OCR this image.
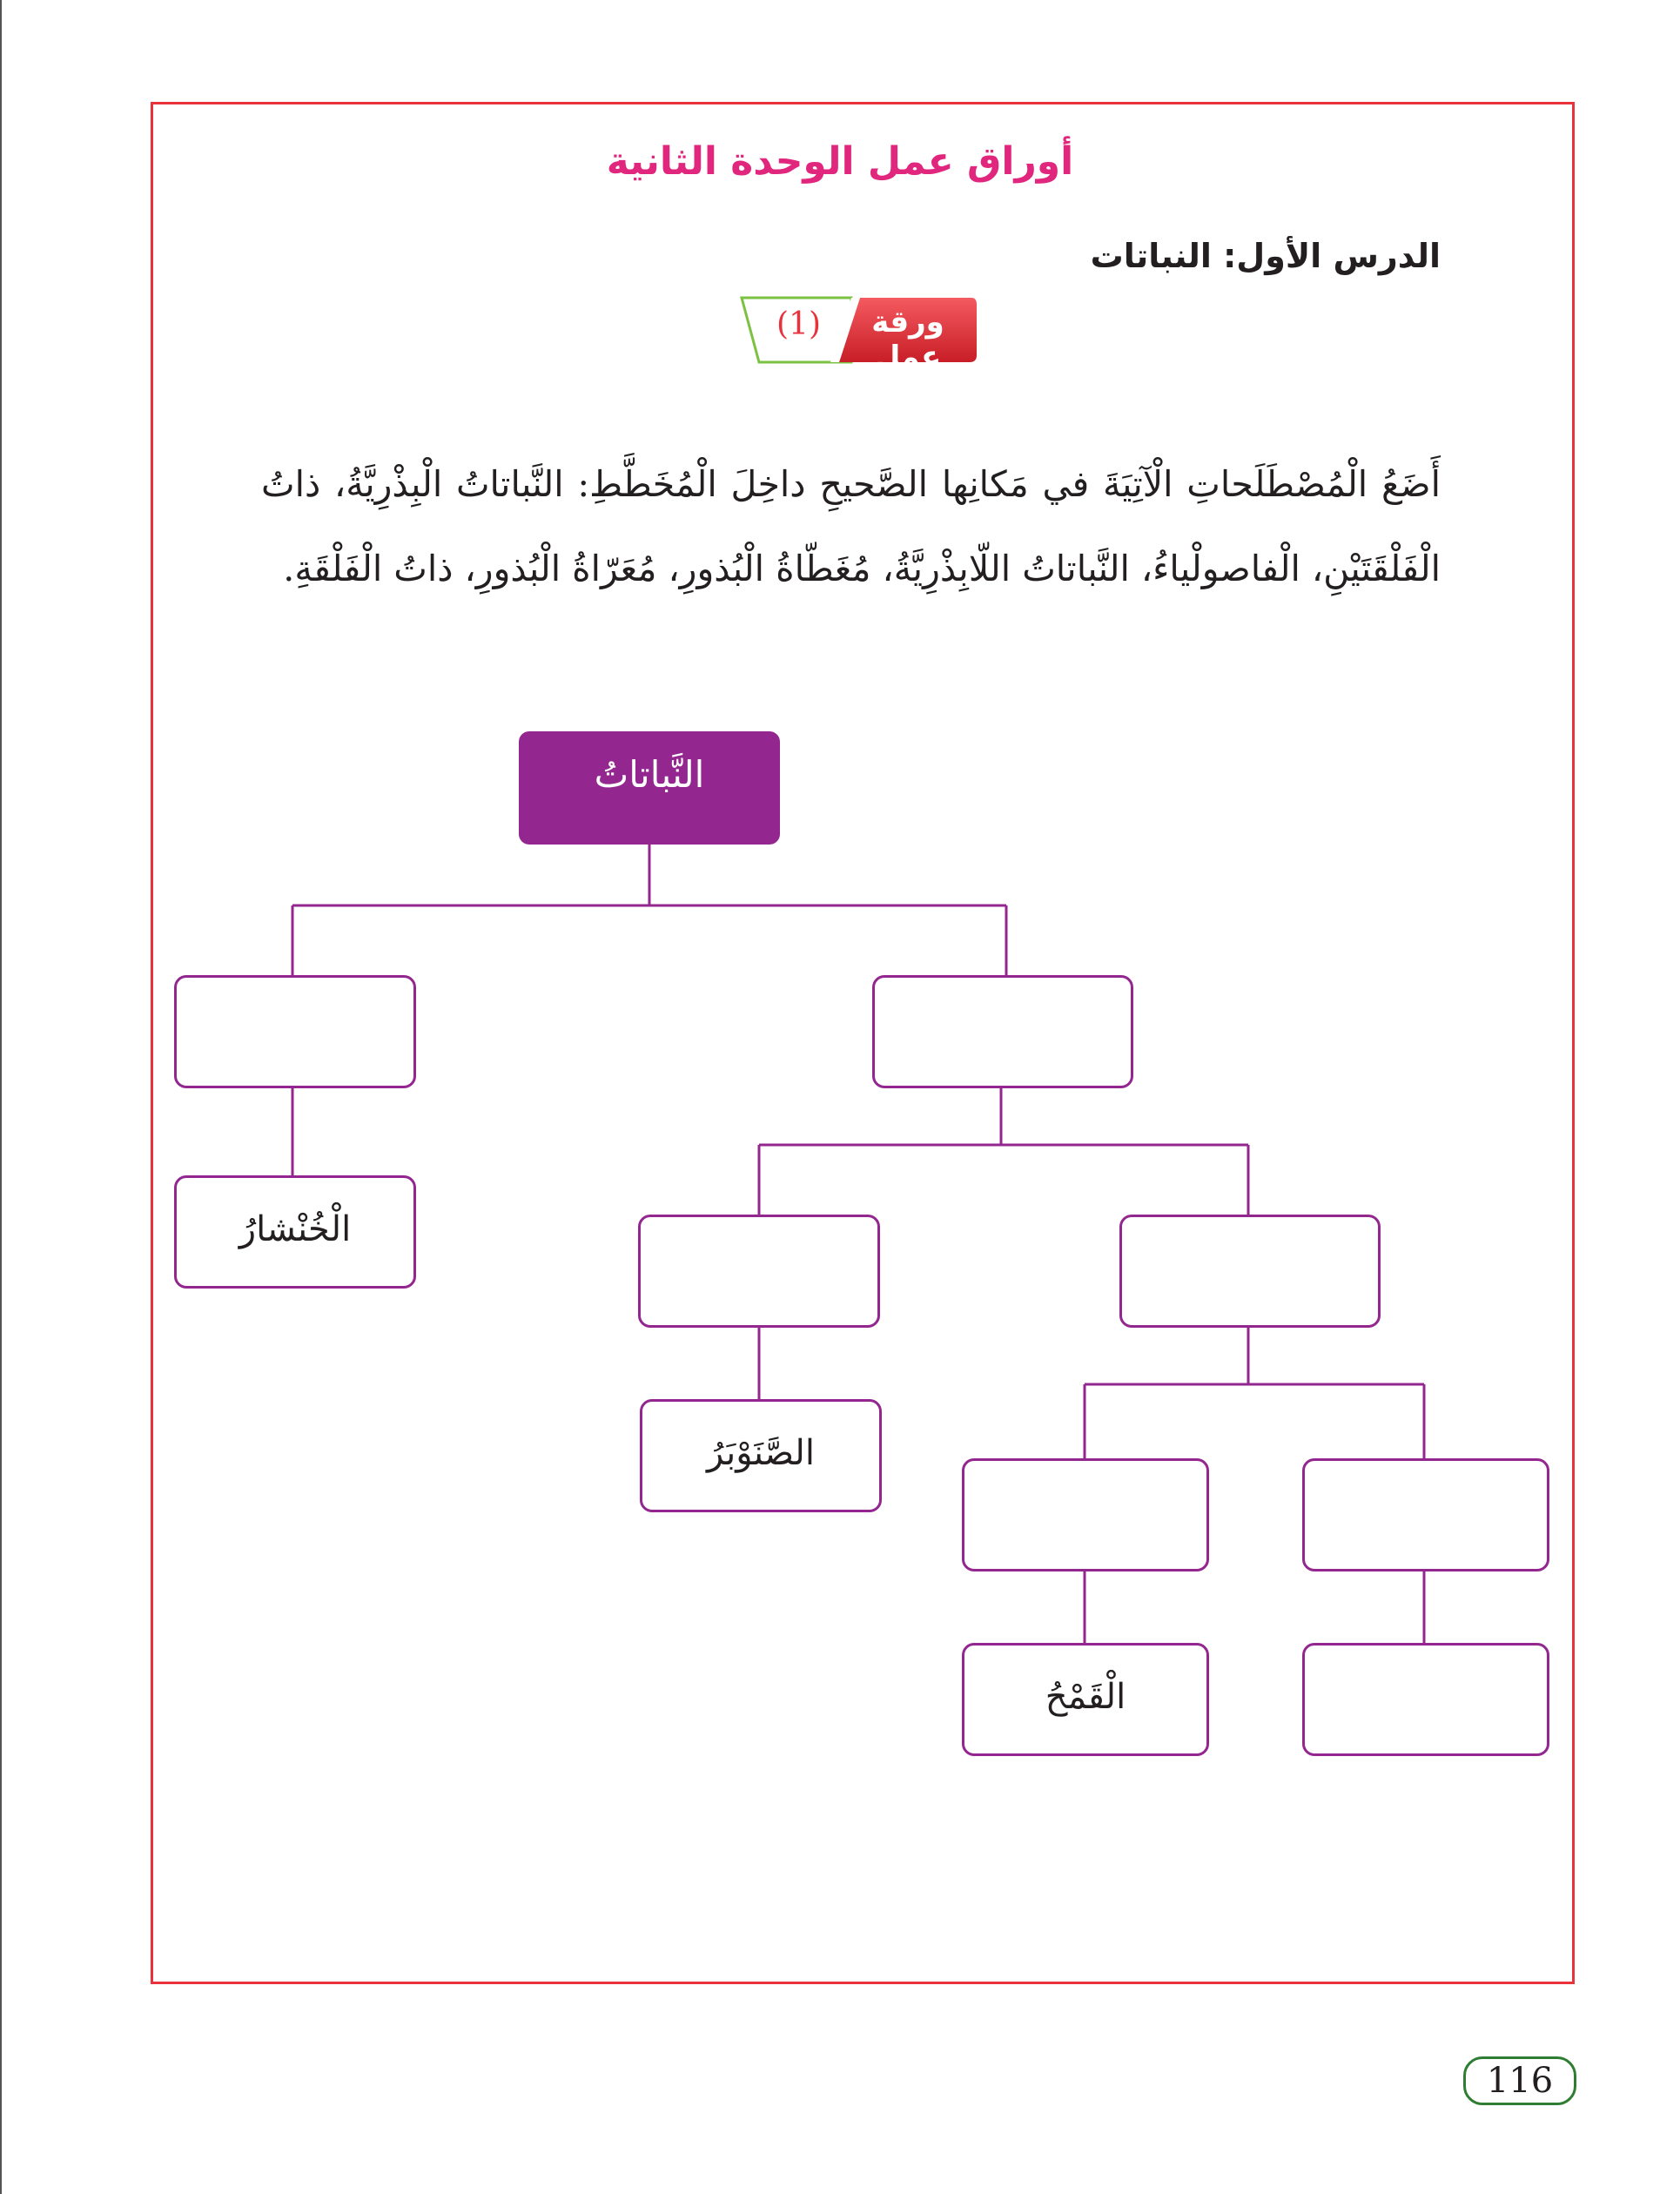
أوراق عمل الوحدة الثانية
الدرس الأول: النباتات
(1)	ورقة عمل
أَضَعُ الْمُصْطَلَحاتِ الْآتِيَةَ في مَكانِها الصَّحيحِ داخِلَ الْمُخَطَّطِ: النَّباتاتُ الْبِذْرِيَّةُ، ذاتُ الْفَلْقَتَيْنِ، الْفاصولْياءُ، النَّباتاتُ اللّابِذْرِيَّةُ، مُغَطّاةُ الْبُذورِ، مُعَرّاةُ الْبُذورِ، ذاتُ الْفَلْقَةِ.
النَّباتاتُ
الْخُنْشارُ
الصَّنَوْبَرُ
الْقَمْحُ
116
